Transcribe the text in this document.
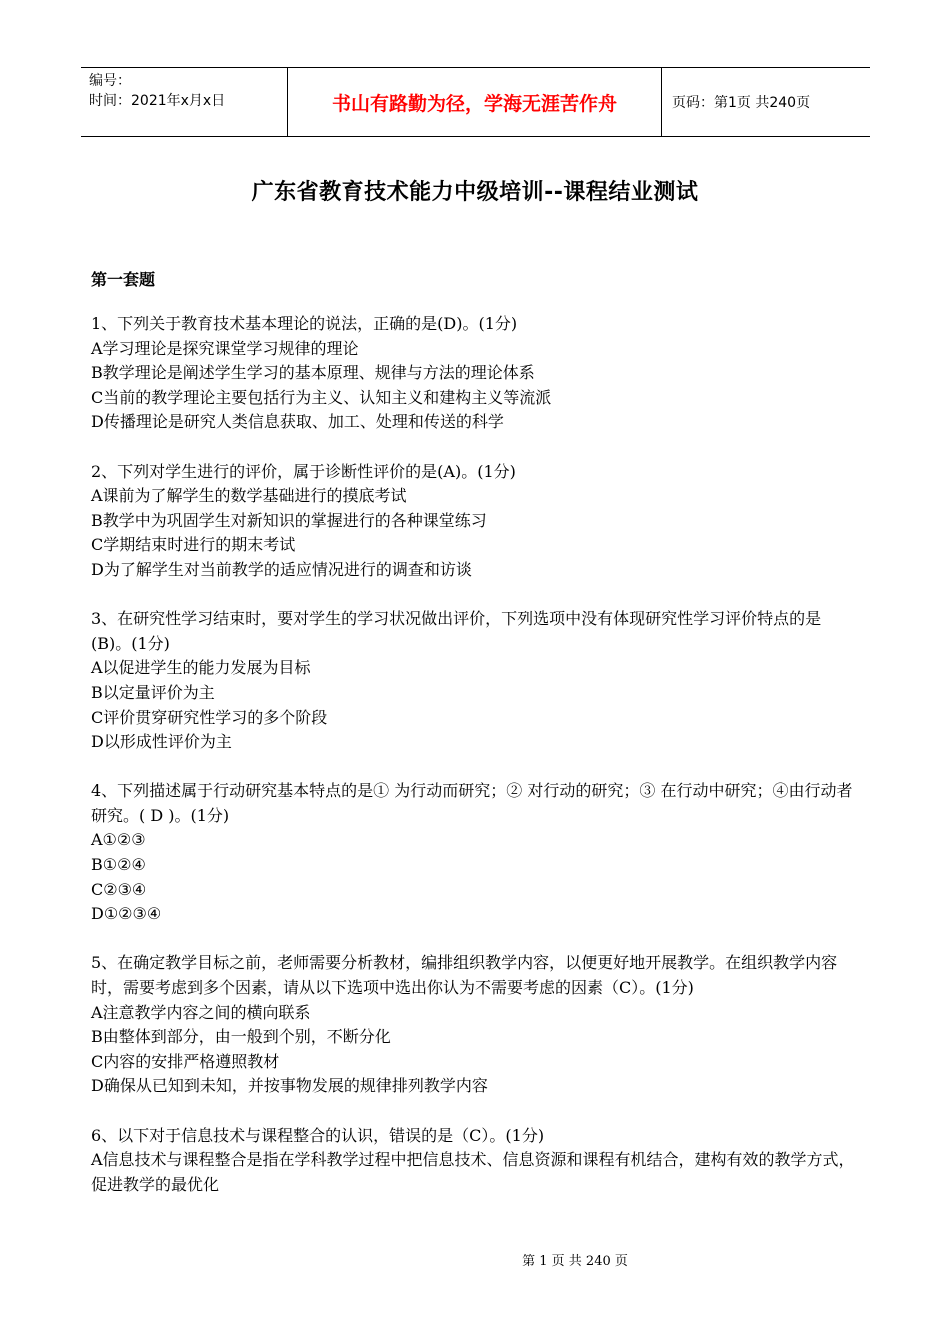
编号：
时间：2021年x月x日	书山有路勤为径，学海无涯苦作舟	页码：第1页 共240页
广东省教育技术能力中级培训--课程结业测试
第一套题

1、下列关于教育技术基本理论的说法，正确的是(D)。(1分)

A学习理论是探究课堂学习规律的理论

B教学理论是阐述学生学习的基本原理、规律与方法的理论体系

C当前的教学理论主要包括行为主义、认知主义和建构主义等流派

D传播理论是研究人类信息获取、加工、处理和传送的科学

2、下列对学生进行的评价，属于诊断性评价的是(A)。(1分)

A课前为了解学生的数学基础进行的摸底考试

B教学中为巩固学生对新知识的掌握进行的各种课堂练习

C学期结束时进行的期末考试

D为了解学生对当前教学的适应情况进行的调查和访谈

3、在研究性学习结束时，要对学生的学习状况做出评价，下列选项中没有体现研究性学习评价特点的是(B)。(1分)

A以促进学生的能力发展为目标

B以定量评价为主

C评价贯穿研究性学习的多个阶段

D以形成性评价为主

4、下列描述属于行动研究基本特点的是① 为行动而研究；② 对行动的研究；③ 在行动中研究；④由行动者研究。( D )。(1分)

A①②③

B①②④

C②③④

D①②③④

5、在确定教学目标之前，老师需要分析教材，编排组织教学内容，以便更好地开展教学。在组织教学内容时，需要考虑到多个因素，请从以下选项中选出你认为不需要考虑的因素（C）。(1分)

A注意教学内容之间的横向联系

B由整体到部分，由一般到个别，不断分化

C内容的安排严格遵照教材

D确保从已知到未知，并按事物发展的规律排列教学内容

6、以下对于信息技术与课程整合的认识，错误的是（C）。(1分)

A信息技术与课程整合是指在学科教学过程中把信息技术、信息资源和课程有机结合，建构有效的教学方式，促进教学的最优化

第 1 页 共 240 页
